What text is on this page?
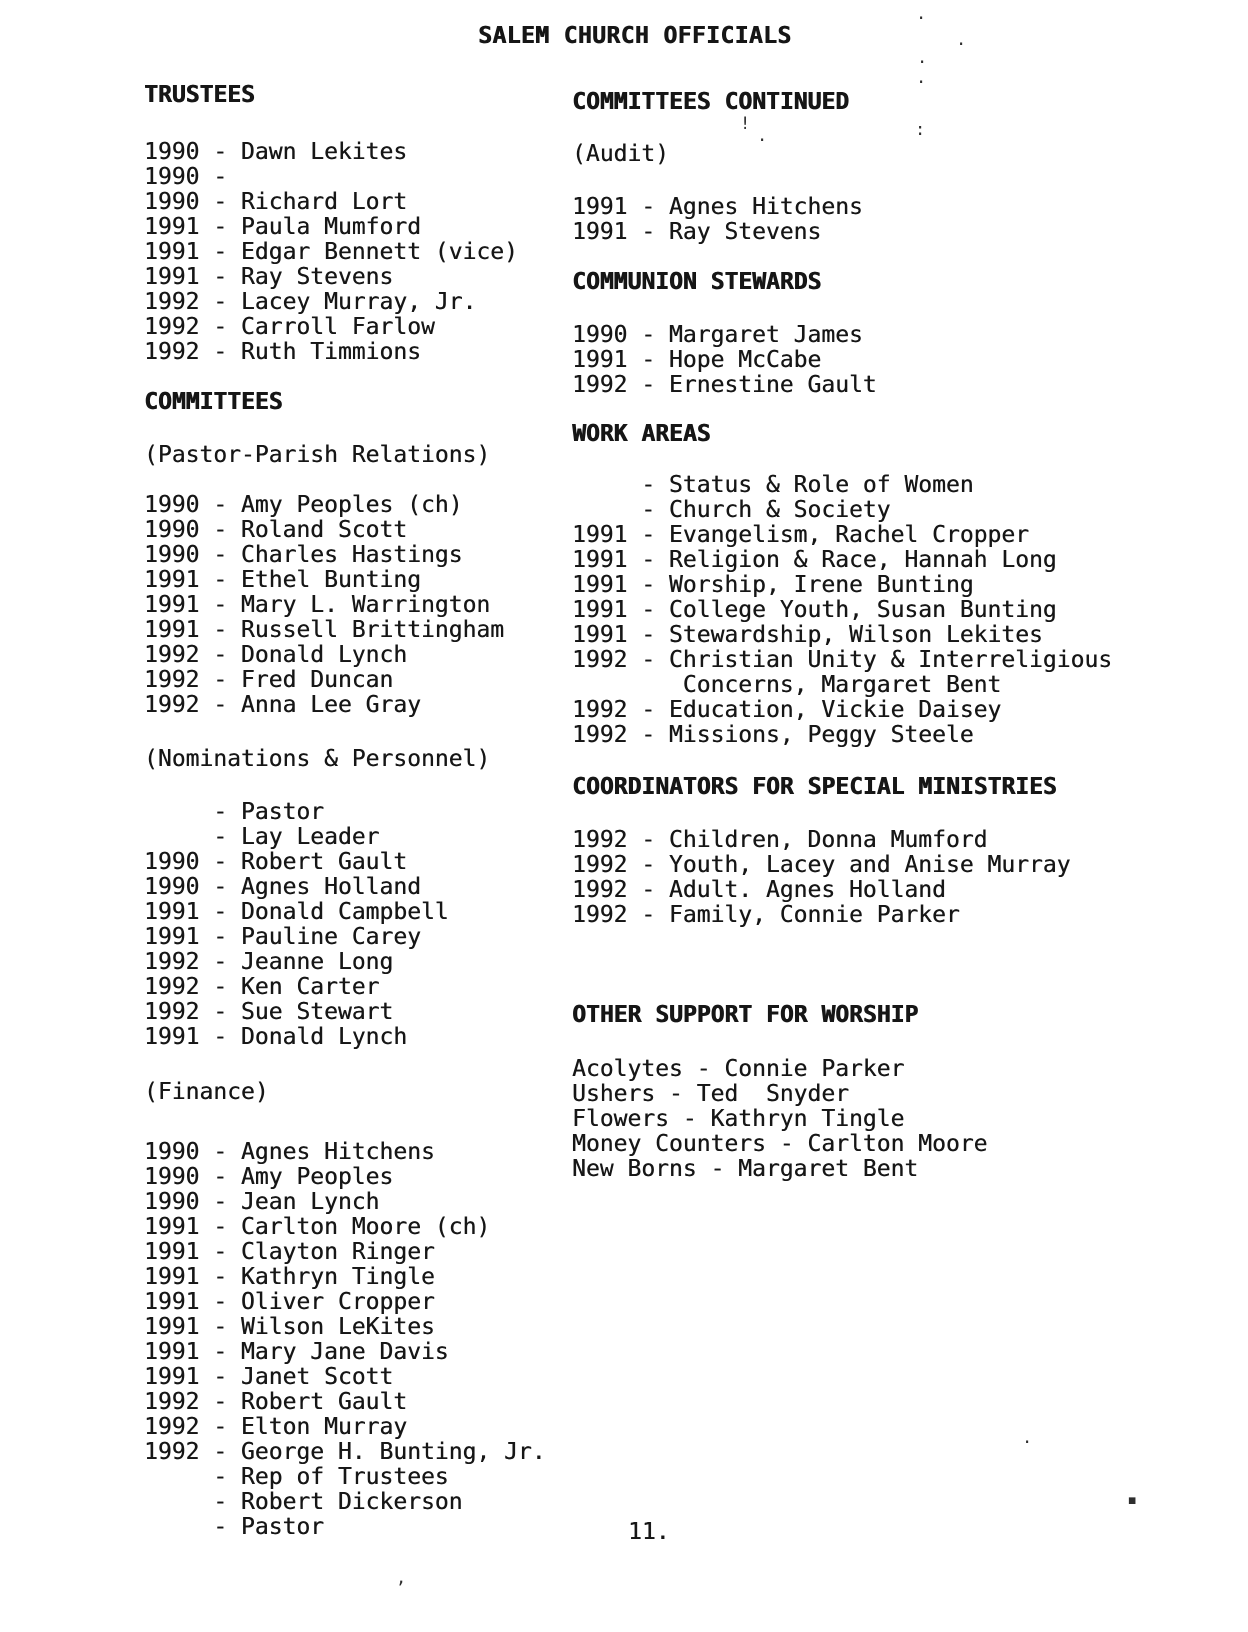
SALEM CHURCH OFFICIALS
TRUSTEES
1990 - Dawn Lekites
1990 -
1990 - Richard Lort
1991 - Paula Mumford
1991 - Edgar Bennett (vice)
1991 - Ray Stevens
1992 - Lacey Murray, Jr.
1992 - Carroll Farlow
1992 - Ruth Timmions
COMMITTEES
(Pastor-Parish Relations)
1990 - Amy Peoples (ch)
1990 - Roland Scott
1990 - Charles Hastings
1991 - Ethel Bunting
1991 - Mary L. Warrington
1991 - Russell Brittingham
1992 - Donald Lynch
1992 - Fred Duncan
1992 - Anna Lee Gray
(Nominations & Personnel)
- Pastor
- Lay Leader
1990 - Robert Gault
1990 - Agnes Holland
1991 - Donald Campbell
1991 - Pauline Carey
1992 - Jeanne Long
1992 - Ken Carter
1992 - Sue Stewart
1991 - Donald Lynch
(Finance)
1990 - Agnes Hitchens
1990 - Amy Peoples
1990 - Jean Lynch
1991 - Carlton Moore (ch)
1991 - Clayton Ringer
1991 - Kathryn Tingle
1991 - Oliver Cropper
1991 - Wilson LeKites
1991 - Mary Jane Davis
1991 - Janet Scott
1992 - Robert Gault
1992 - Elton Murray
1992 - George H. Bunting, Jr.
- Rep of Trustees
- Robert Dickerson
- Pastor
COMMITTEES CONTINUED
(Audit)
1991 - Agnes Hitchens
1991 - Ray Stevens
COMMUNION STEWARDS
1990 - Margaret James
1991 - Hope McCabe
1992 - Ernestine Gault
WORK AREAS
- Status & Role of Women
- Church & Society
1991 - Evangelism, Rachel Cropper
1991 - Religion & Race, Hannah Long
1991 - Worship, Irene Bunting
1991 - College Youth, Susan Bunting
1991 - Stewardship, Wilson Lekites
1992 - Christian Unity & Interreligious
Concerns, Margaret Bent
1992 - Education, Vickie Daisey
1992 - Missions, Peggy Steele
COORDINATORS FOR SPECIAL MINISTRIES
1992 - Children, Donna Mumford
1992 - Youth, Lacey and Anise Murray
1992 - Adult. Agnes Holland
1992 - Family, Connie Parker
OTHER SUPPORT FOR WORSHIP
Acolytes - Connie Parker
Ushers - Ted  Snyder
Flowers - Kathryn Tingle
Money Counters - Carlton Moore
New Borns - Margaret Bent
11.
.
.
.
.
!
.	:
.
▪
,
